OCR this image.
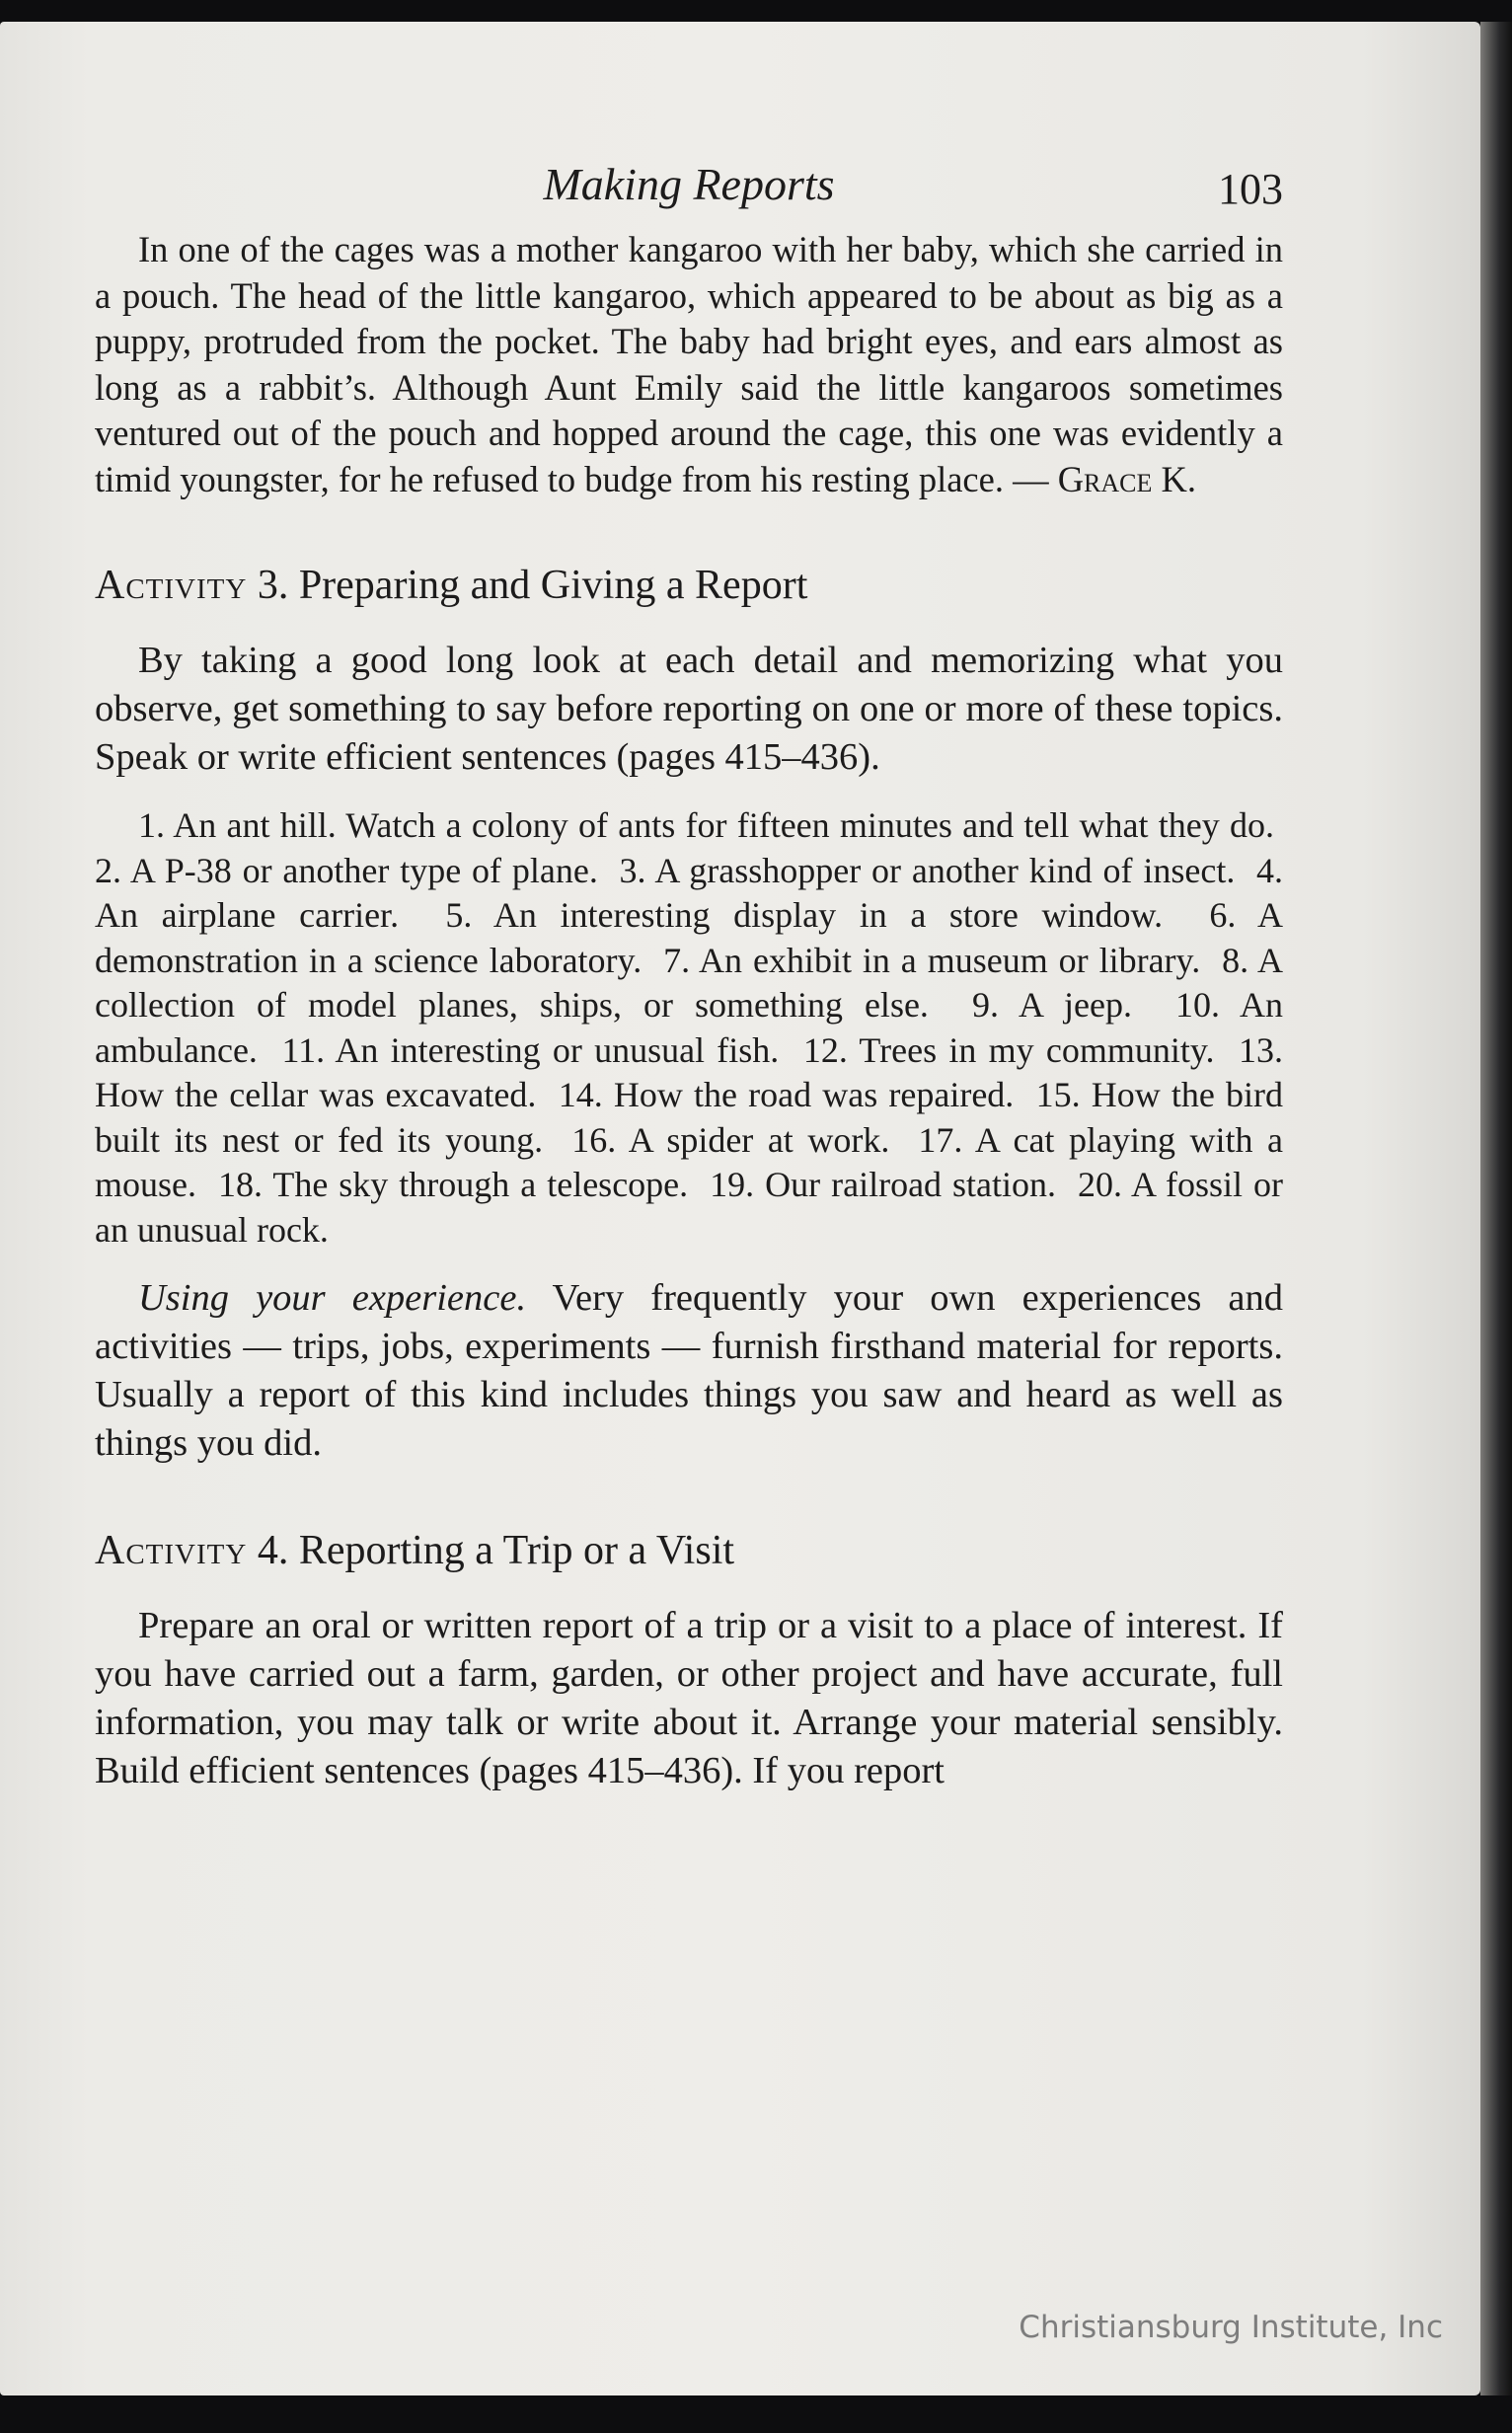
Making Reports	103

In one of the cages was a mother kangaroo with her baby, which she carried in a pouch. The head of the little kangaroo, which appeared to be about as big as a puppy, protruded from the pocket. The baby had bright eyes, and ears almost as long as a rabbit’s. Although Aunt Emily said the little kangaroos sometimes ventured out of the pouch and hopped around the cage, this one was evidently a timid youngster, for he refused to budge from his resting place. — Grace K.

Activity 3. Preparing and Giving a Report

By taking a good long look at each detail and memorizing what you observe, get something to say before reporting on one or more of these topics. Speak or write efficient sentences (pages 415–436).

1. An ant hill. Watch a colony of ants for fifteen minutes and tell what they do.  2. A P-38 or another type of plane. 3. A grasshopper or another kind of insect. 4. An airplane carrier. 5. An interesting display in a store window. 6. A demonstration in a science laboratory. 7. An exhibit in a museum or library. 8. A collection of model planes, ships, or something else. 9. A jeep. 10. An ambulance. 11. An interesting or unusual fish. 12. Trees in my community. 13. How the cellar was excavated. 14. How the road was repaired. 15. How the bird built its nest or fed its young. 16. A spider at work. 17. A cat playing with a mouse. 18. The sky through a telescope. 19. Our railroad station. 20. A fossil or an unusual rock.

Using your experience. Very frequently your own experiences and activities — trips, jobs, experiments — furnish firsthand material for reports. Usually a report of this kind includes things you saw and heard as well as things you did.

Activity 4. Reporting a Trip or a Visit

Prepare an oral or written report of a trip or a visit to a place of interest. If you have carried out a farm, garden, or other project and have accurate, full information, you may talk or write about it. Arrange your material sensibly. Build efficient sentences (pages 415–436). If you report

Christiansburg Institute, Inc
